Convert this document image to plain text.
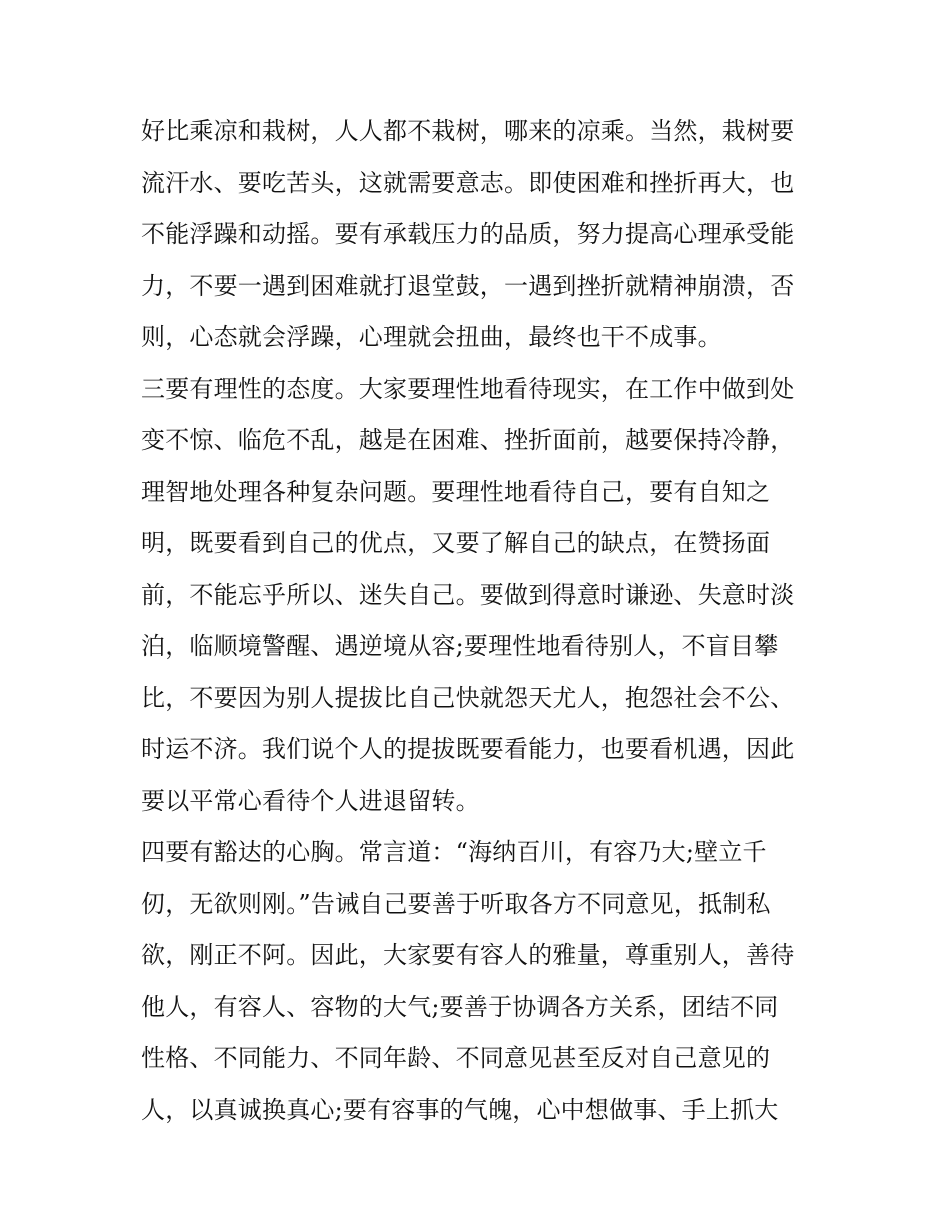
好比乘凉和栽树，人人都不栽树，哪来的凉乘。当然，栽树要
流汗水、要吃苦头，这就需要意志。即使困难和挫折再大，也
不能浮躁和动摇。要有承载压力的品质，努力提高心理承受能
力，不要一遇到困难就打退堂鼓，一遇到挫折就精神崩溃，否
则，心态就会浮躁，心理就会扭曲，最终也干不成事。
三要有理性的态度。大家要理性地看待现实，在工作中做到处
变不惊、临危不乱，越是在困难、挫折面前，越要保持冷静，
理智地处理各种复杂问题。要理性地看待自己，要有自知之
明，既要看到自己的优点，又要了解自己的缺点，在赞扬面
前，不能忘乎所以、迷失自己。要做到得意时谦逊、失意时淡
泊，临顺境警醒、遇逆境从容;要理性地看待别人，不盲目攀
比，不要因为别人提拔比自己快就怨天尤人，抱怨社会不公、
时运不济。我们说个人的提拔既要看能力，也要看机遇，因此
要以平常心看待个人进退留转。
四要有豁达的心胸。常言道：“海纳百川，有容乃大;壁立千
仞，无欲则刚。”告诫自己要善于听取各方不同意见，抵制私
欲，刚正不阿。因此，大家要有容人的雅量，尊重别人，善待
他人，有容人、容物的大气;要善于协调各方关系，团结不同
性格、不同能力、不同年龄、不同意见甚至反对自己意见的
人，以真诚换真心;要有容事的气魄，心中想做事、手上抓大
